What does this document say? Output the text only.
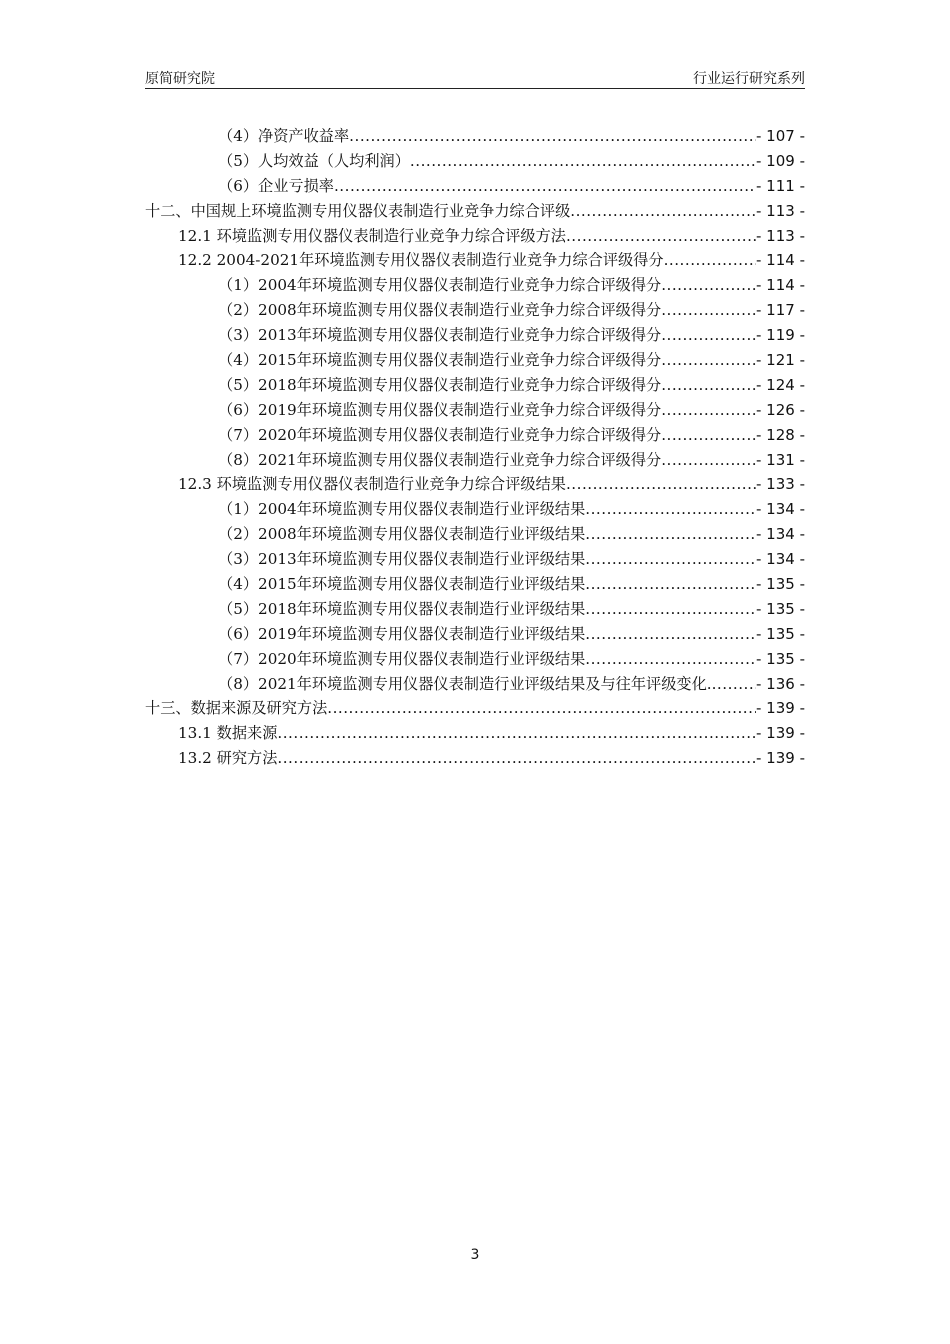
原简研究院	行业运行研究系列
（4）净资产收益率 .....	- 107 -
（5）人均效益（人均利润） .....	- 109 -
（6）企业亏损率 .....	- 111 -
十二、中国规上环境监测专用仪器仪表制造行业竞争力综合评级 .....	- 113 -
12.1 环境监测专用仪器仪表制造行业竞争力综合评级方法 .....	- 113 -
12.2 2004-2021年环境监测专用仪器仪表制造行业竞争力综合评级得分 .....	- 114 -
（1）2004年环境监测专用仪器仪表制造行业竞争力综合评级得分 .....	- 114 -
（2）2008年环境监测专用仪器仪表制造行业竞争力综合评级得分 .....	- 117 -
（3）2013年环境监测专用仪器仪表制造行业竞争力综合评级得分 .....	- 119 -
（4）2015年环境监测专用仪器仪表制造行业竞争力综合评级得分 .....	- 121 -
（5）2018年环境监测专用仪器仪表制造行业竞争力综合评级得分 .....	- 124 -
（6）2019年环境监测专用仪器仪表制造行业竞争力综合评级得分 .....	- 126 -
（7）2020年环境监测专用仪器仪表制造行业竞争力综合评级得分 .....	- 128 -
（8）2021年环境监测专用仪器仪表制造行业竞争力综合评级得分 .....	- 131 -
12.3 环境监测专用仪器仪表制造行业竞争力综合评级结果 .....	- 133 -
（1）2004年环境监测专用仪器仪表制造行业评级结果 .....	- 134 -
（2）2008年环境监测专用仪器仪表制造行业评级结果 .....	- 134 -
（3）2013年环境监测专用仪器仪表制造行业评级结果 .....	- 134 -
（4）2015年环境监测专用仪器仪表制造行业评级结果 .....	- 135 -
（5）2018年环境监测专用仪器仪表制造行业评级结果 .....	- 135 -
（6）2019年环境监测专用仪器仪表制造行业评级结果 .....	- 135 -
（7）2020年环境监测专用仪器仪表制造行业评级结果 .....	- 135 -
（8）2021年环境监测专用仪器仪表制造行业评级结果及与往年评级变化. .....	- 136 -
十三、数据来源及研究方法 .....	- 139 -
13.1 数据来源 .....	- 139 -
13.2 研究方法 .....	- 139 -
3
